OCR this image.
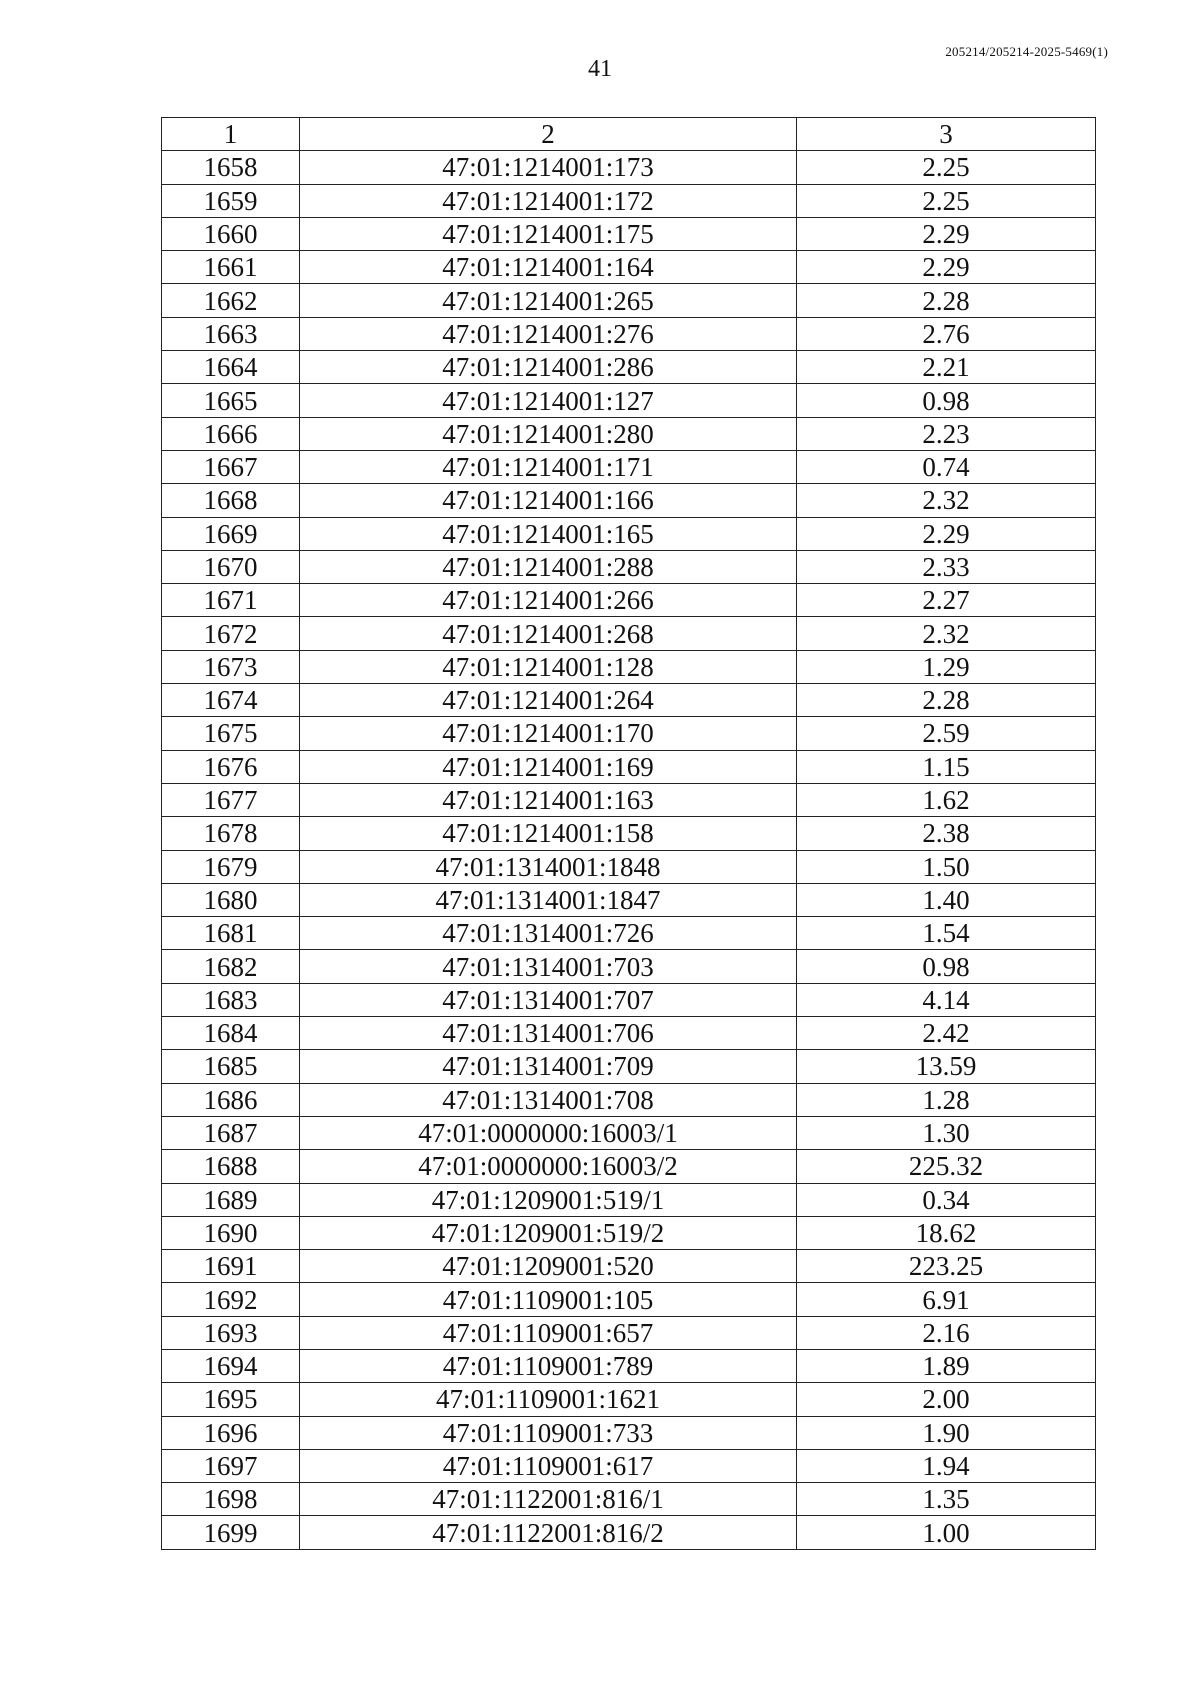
41
205214/205214-2025-5469(1)
1	2	3
1658	47:01:1214001:173	2.25
1659	47:01:1214001:172	2.25
1660	47:01:1214001:175	2.29
1661	47:01:1214001:164	2.29
1662	47:01:1214001:265	2.28
1663	47:01:1214001:276	2.76
1664	47:01:1214001:286	2.21
1665	47:01:1214001:127	0.98
1666	47:01:1214001:280	2.23
1667	47:01:1214001:171	0.74
1668	47:01:1214001:166	2.32
1669	47:01:1214001:165	2.29
1670	47:01:1214001:288	2.33
1671	47:01:1214001:266	2.27
1672	47:01:1214001:268	2.32
1673	47:01:1214001:128	1.29
1674	47:01:1214001:264	2.28
1675	47:01:1214001:170	2.59
1676	47:01:1214001:169	1.15
1677	47:01:1214001:163	1.62
1678	47:01:1214001:158	2.38
1679	47:01:1314001:1848	1.50
1680	47:01:1314001:1847	1.40
1681	47:01:1314001:726	1.54
1682	47:01:1314001:703	0.98
1683	47:01:1314001:707	4.14
1684	47:01:1314001:706	2.42
1685	47:01:1314001:709	13.59
1686	47:01:1314001:708	1.28
1687	47:01:0000000:16003/1	1.30
1688	47:01:0000000:16003/2	225.32
1689	47:01:1209001:519/1	0.34
1690	47:01:1209001:519/2	18.62
1691	47:01:1209001:520	223.25
1692	47:01:1109001:105	6.91
1693	47:01:1109001:657	2.16
1694	47:01:1109001:789	1.89
1695	47:01:1109001:1621	2.00
1696	47:01:1109001:733	1.90
1697	47:01:1109001:617	1.94
1698	47:01:1122001:816/1	1.35
1699	47:01:1122001:816/2	1.00
